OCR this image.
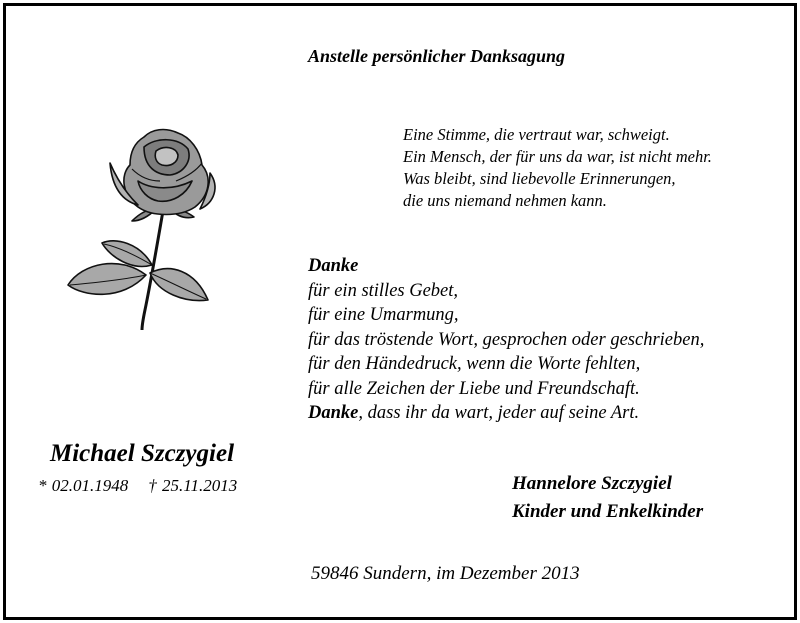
Anstelle persönlicher Danksagung
Eine Stimme, die vertraut war, schweigt.
Ein Mensch, der für uns da war, ist nicht mehr.
Was bleibt, sind liebevolle Erinnerungen,
die uns niemand nehmen kann.
Danke
für ein stilles Gebet,
für eine Umarmung,
für das tröstende Wort, gesprochen oder geschrieben,
für den Händedruck, wenn die Worte fehlten,
für alle Zeichen der Liebe und Freundschaft.
Danke, dass ihr da wart, jeder auf seine Art.
Michael Szczygiel
* 02.01.1948 † 25.11.2013	Hannelore Szczygiel
Kinder und Enkelkinder
59846 Sundern, im Dezember 2013
